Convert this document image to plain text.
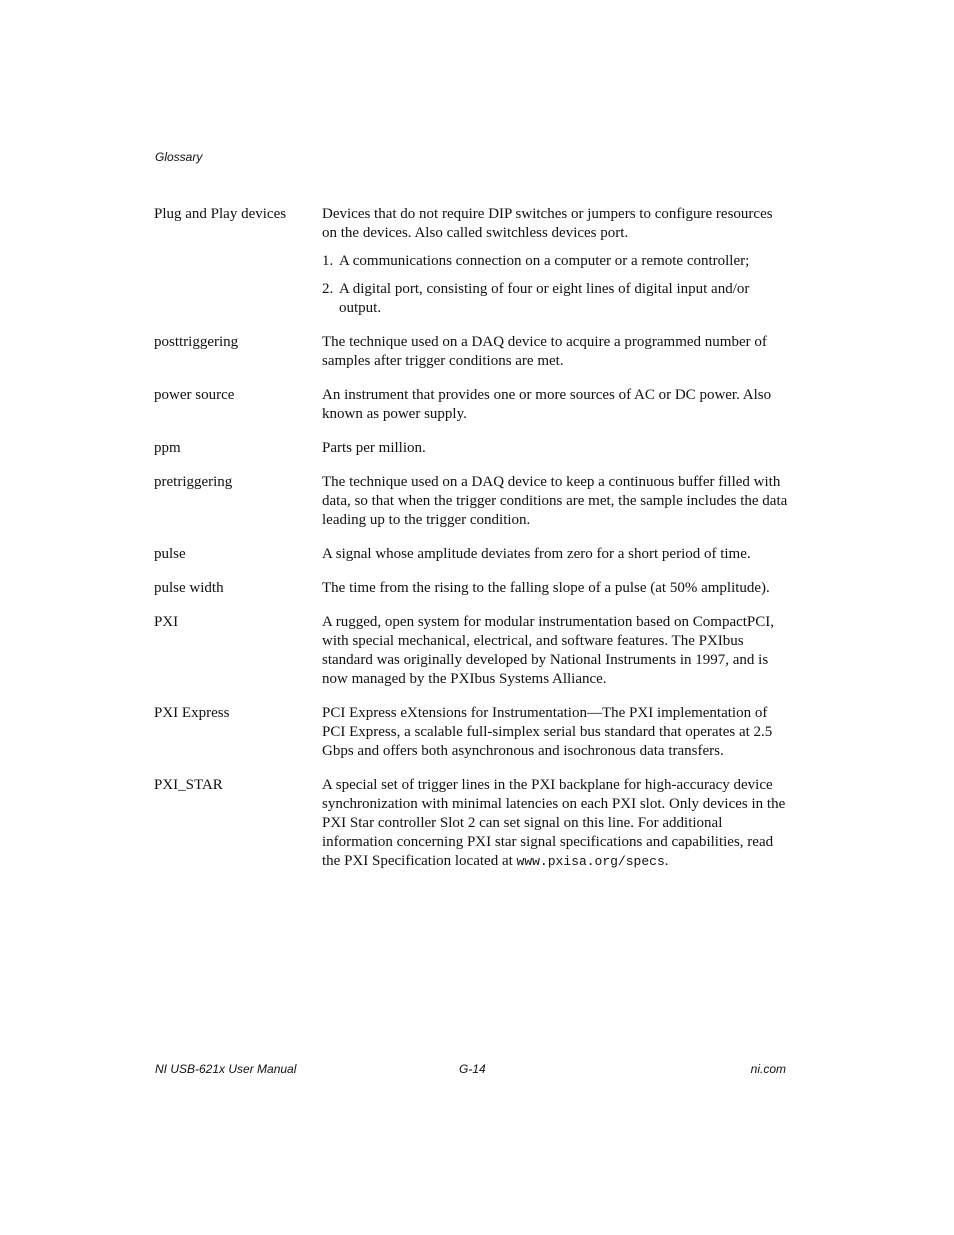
Glossary
Plug and Play devices	Devices that do not require DIP switches or jumpers to configure resources on the devices. Also called switchless devices port.

1. A communications connection on a computer or a remote controller;
2. A digital port, consisting of four or eight lines of digital input and/or output.
posttriggering	The technique used on a DAQ device to acquire a programmed number of samples after trigger conditions are met.
power source	An instrument that provides one or more sources of AC or DC power. Also known as power supply.
ppm	Parts per million.
pretriggering	The technique used on a DAQ device to keep a continuous buffer filled with data, so that when the trigger conditions are met, the sample includes the data leading up to the trigger condition.
pulse	A signal whose amplitude deviates from zero for a short period of time.
pulse width	The time from the rising to the falling slope of a pulse (at 50% amplitude).
PXI	A rugged, open system for modular instrumentation based on CompactPCI, with special mechanical, electrical, and software features. The PXIbus standard was originally developed by National Instruments in 1997, and is now managed by the PXIbus Systems Alliance.
PXI Express	PCI Express eXtensions for Instrumentation—The PXI implementation of PCI Express, a scalable full-simplex serial bus standard that operates at 2.5 Gbps and offers both asynchronous and isochronous data transfers.
PXI_STAR	A special set of trigger lines in the PXI backplane for high-accuracy device synchronization with minimal latencies on each PXI slot. Only devices in the PXI Star controller Slot 2 can set signal on this line. For additional information concerning PXI star signal specifications and capabilities, read the PXI Specification located at www.pxisa.org/specs.
NI USB-621x User Manual	G-14	ni.com
